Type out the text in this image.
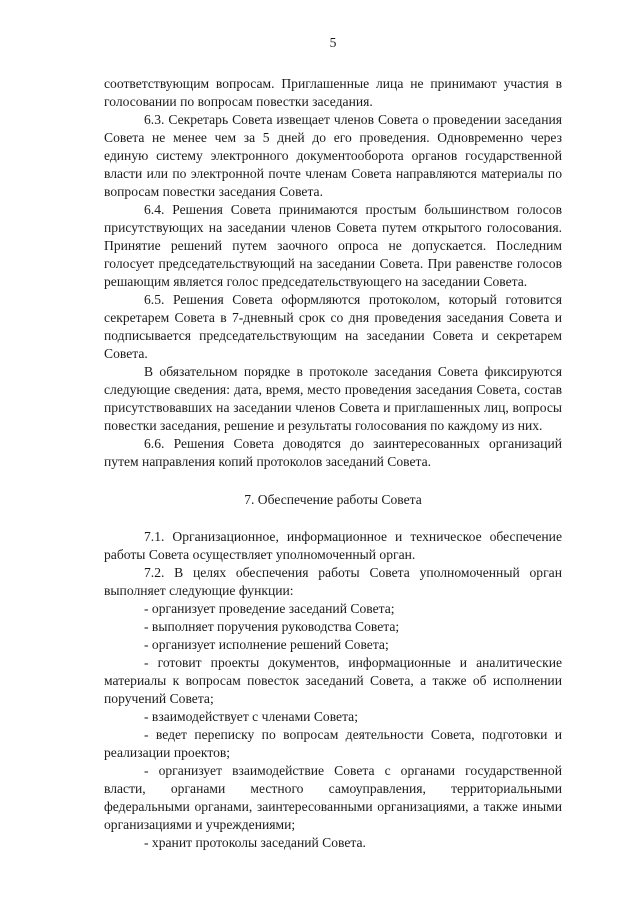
5

соответствующим вопросам. Приглашенные лица не принимают участия в голосовании по вопросам повестки заседания.

6.3. Секретарь Совета извещает членов Совета о проведении заседания Совета не менее чем за 5 дней до его проведения. Одновременно через единую систему электронного документооборота органов государственной власти или по электронной почте членам Совета направляются материалы по вопросам повестки заседания Совета.

6.4. Решения Совета принимаются простым большинством голосов присутствующих на заседании членов Совета путем открытого голосования. Принятие решений путем заочного опроса не допускается. Последним голосует председательствующий на заседании Совета. При равенстве голосов решающим является голос председательствующего на заседании Совета.

6.5. Решения Совета оформляются протоколом, который готовится секретарем Совета в 7-дневный срок со дня проведения заседания Совета и подписывается председательствующим на заседании Совета и секретарем Совета.

В обязательном порядке в протоколе заседания Совета фиксируются следующие сведения: дата, время, место проведения заседания Совета, состав присутствовавших на заседании членов Совета и приглашенных лиц, вопросы повестки заседания, решение и результаты голосования по каждому из них.

6.6. Решения Совета доводятся до заинтересованных организаций путем направления копий протоколов заседаний Совета.

7. Обеспечение работы Совета

7.1. Организационное, информационное и техническое обеспечение работы Совета осуществляет уполномоченный орган.

7.2. В целях обеспечения работы Совета уполномоченный орган выполняет следующие функции:

- организует проведение заседаний Совета;

- выполняет поручения руководства Совета;

- организует исполнение решений Совета;

- готовит проекты документов, информационные и аналитические материалы к вопросам повесток заседаний Совета, а также об исполнении поручений Совета;

- взаимодействует с членами Совета;

- ведет переписку по вопросам деятельности Совета, подготовки и реализации проектов;

- организует взаимодействие Совета с органами государственной власти, органами местного самоуправления, территориальными федеральными органами, заинтересованными организациями, а также иными организациями и учреждениями;

- хранит протоколы заседаний Совета.
